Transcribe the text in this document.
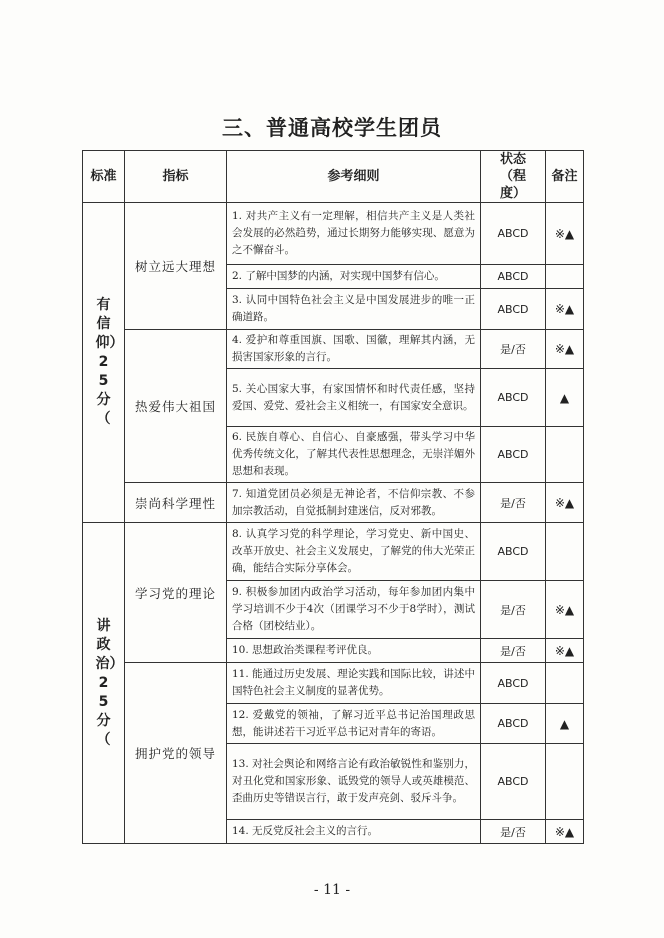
三、普通高校学生团员
标准	指标	参考细则	状态（程度）	备注

有信仰）25分（	树立远大理想	1. 对共产主义有一定理解，相信共产主义是人类社会发展的必然趋势，通过长期努力能够实现、愿意为之不懈奋斗。	ABCD	※▲
		2. 了解中国梦的内涵，对实现中国梦有信心。	ABCD	
		3. 认同中国特色社会主义是中国发展进步的唯一正确道路。	ABCD	※▲
	热爱伟大祖国	4. 爱护和尊重国旗、国歌、国徽，理解其内涵，无损害国家形象的言行。	是/否	※▲
		5. 关心国家大事，有家国情怀和时代责任感，坚持爱国、爱党、爱社会主义相统一，有国家安全意识。	ABCD	▲
		6. 民族自尊心、自信心、自豪感强，带头学习中华优秀传统文化，了解其代表性思想理念，无崇洋媚外思想和表现。	ABCD	
	崇尚科学理性	7. 知道党团员必须是无神论者，不信仰宗教、不参加宗教活动，自觉抵制封建迷信，反对邪教。	是/否	※▲

讲政治）25分（	学习党的理论	8. 认真学习党的科学理论，学习党史、新中国史、改革开放史、社会主义发展史，了解党的伟大光荣正确，能结合实际分享体会。	ABCD	
		9. 积极参加团内政治学习活动，每年参加团内集中学习培训不少于4次（团课学习不少于8学时），测试合格（团校结业）。	是/否	※▲
		10. 思想政治类课程考评优良。	是/否	※▲
	拥护党的领导	11. 能通过历史发展、理论实践和国际比较，讲述中国特色社会主义制度的显著优势。	ABCD	
		12. 爱戴党的领袖，了解习近平总书记治国理政思想，能讲述若干习近平总书记对青年的寄语。	ABCD	▲
		13. 对社会舆论和网络言论有政治敏锐性和鉴别力，对丑化党和国家形象、诋毁党的领导人或英雄模范、歪曲历史等错误言行，敢于发声亮剑、驳斥斗争。	ABCD	
		14. 无反党反社会主义的言行。	是/否	※▲
- 11 -
